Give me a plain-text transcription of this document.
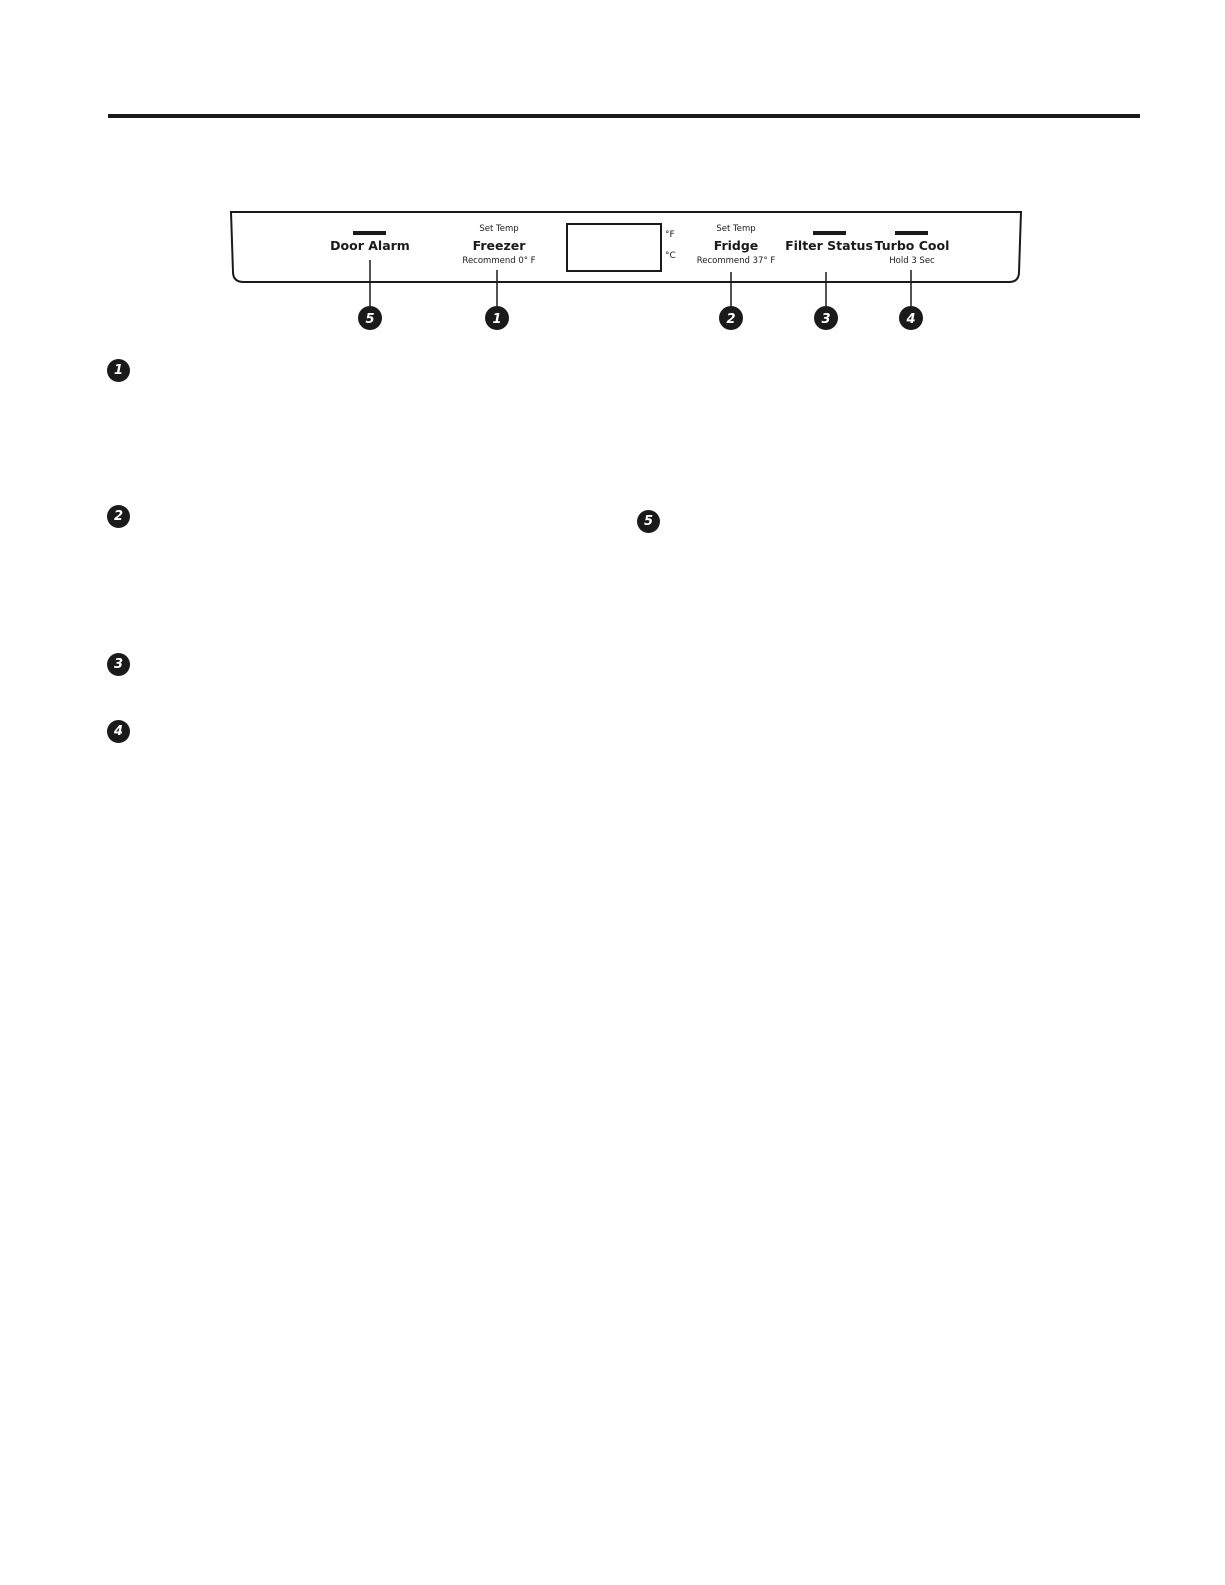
°F
°C
Door Alarm
Set Temp
Freezer
Recommend 0° F
Set Temp
Fridge
Recommend 37° F
Filter Status Turbo Cool
Hold 3 Sec
5	1	2	3	4
1
2
3
4
5
